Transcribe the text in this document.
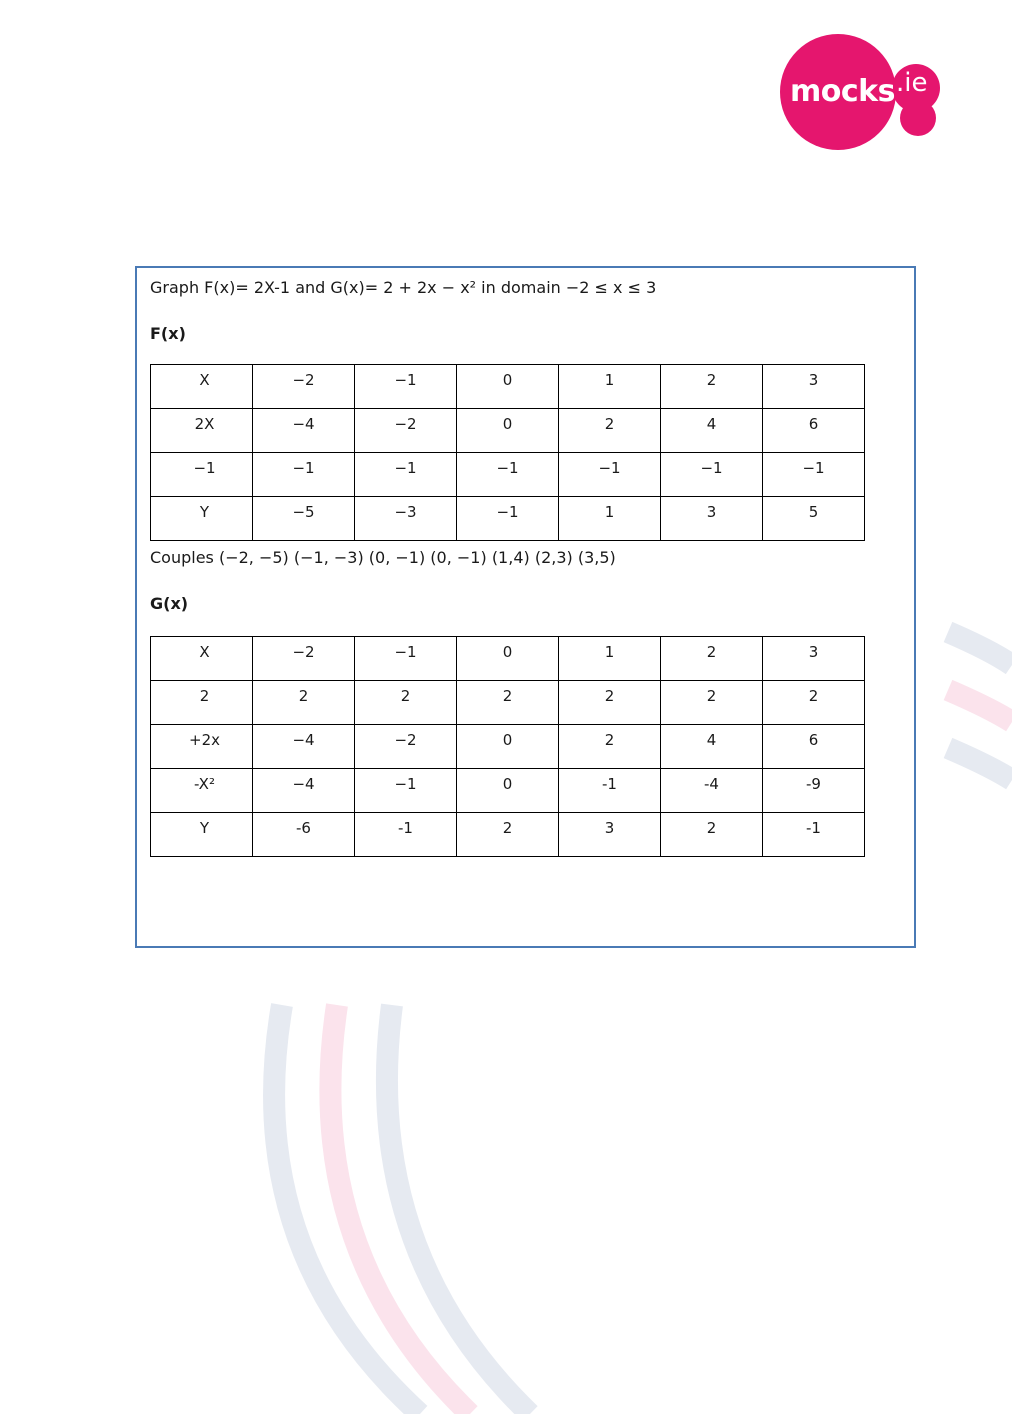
mocks .ie
Graph F(x)= 2X-1 and G(x)= 2 + 2x − x² in domain −2 ≤ x ≤ 3
F(x)
X	−2	−1	0	1	2	3
2X	−4	−2	0	2	4	6
−1	−1	−1	−1	−1	−1	−1
Y	−5	−3	−1	1	3	5
Couples (−2, −5) (−1, −3) (0, −1) (0, −1) (1,4) (2,3) (3,5)
G(x)
X	−2	−1	0	1	2	3
2	2	2	2	2	2	2
+2x	−4	−2	0	2	4	6
-X²	−4	−1	0	-1	-4	-9
Y	-6	-1	2	3	2	-1
